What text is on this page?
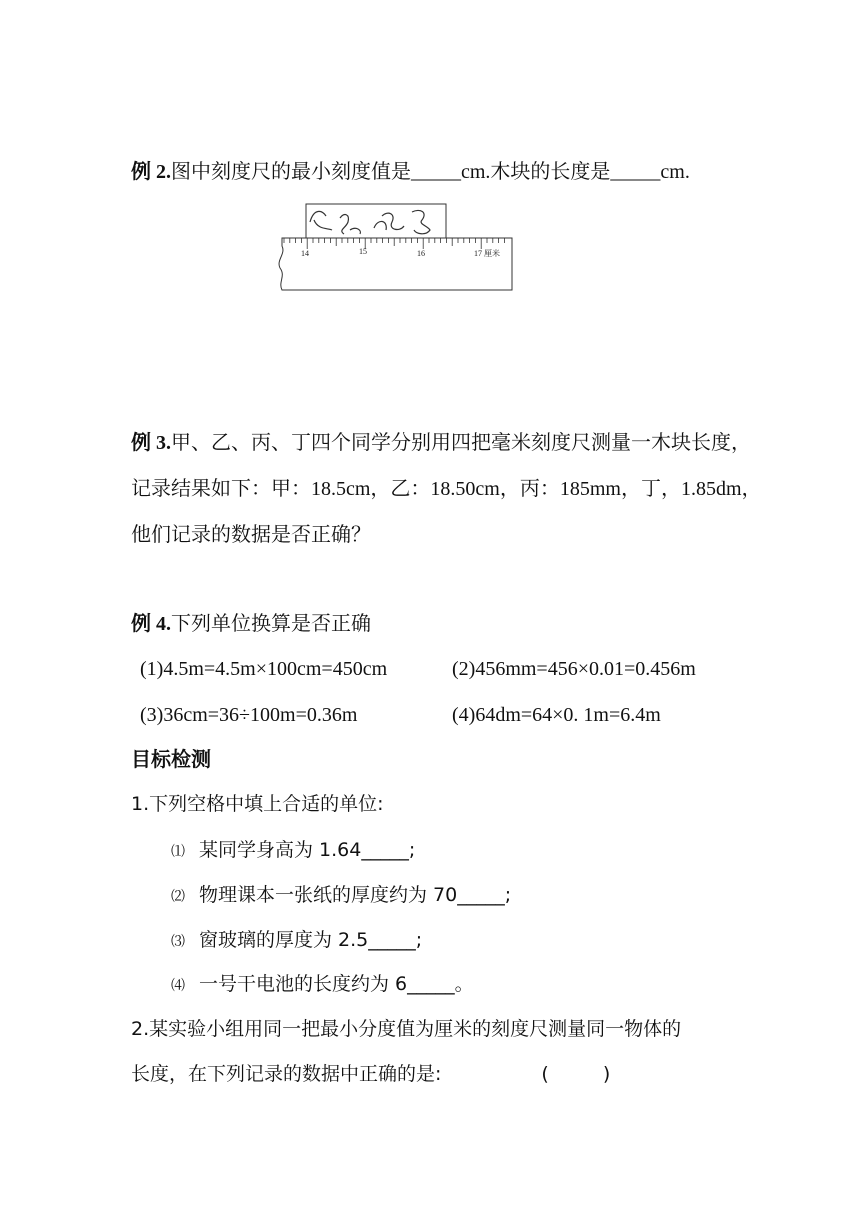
例 2.图中刻度尺的最小刻度值是_____cm.木块的长度是_____cm.
14	15	16	17 厘米
例 3.甲、乙、丙、丁四个同学分别用四把毫米刻度尺测量一木块长度，
记录结果如下：甲：18.5cm，乙：18.50cm，丙：185mm，丁，1.85dm，
他们记录的数据是否正确？
例 4.下列单位换算是否正确
(1)4.5m=4.5m×100cm=450cm	(2)456mm=456×0.01=0.456m
(3)36cm=36÷100m=0.36m	(4)64dm=64×0. 1m=6.4m
目标检测
1.下列空格中填上合适的单位:
⑴ 某同学身高为 1.64_____;
⑵ 物理课本一张纸的厚度约为 70_____;
⑶ 窗玻璃的厚度为 2.5_____;
⑷ 一号干电池的长度约为 6_____。
2.某实验小组用同一把最小分度值为厘米的刻度尺测量同一物体的
长度，在下列记录的数据中正确的是:	(	)
